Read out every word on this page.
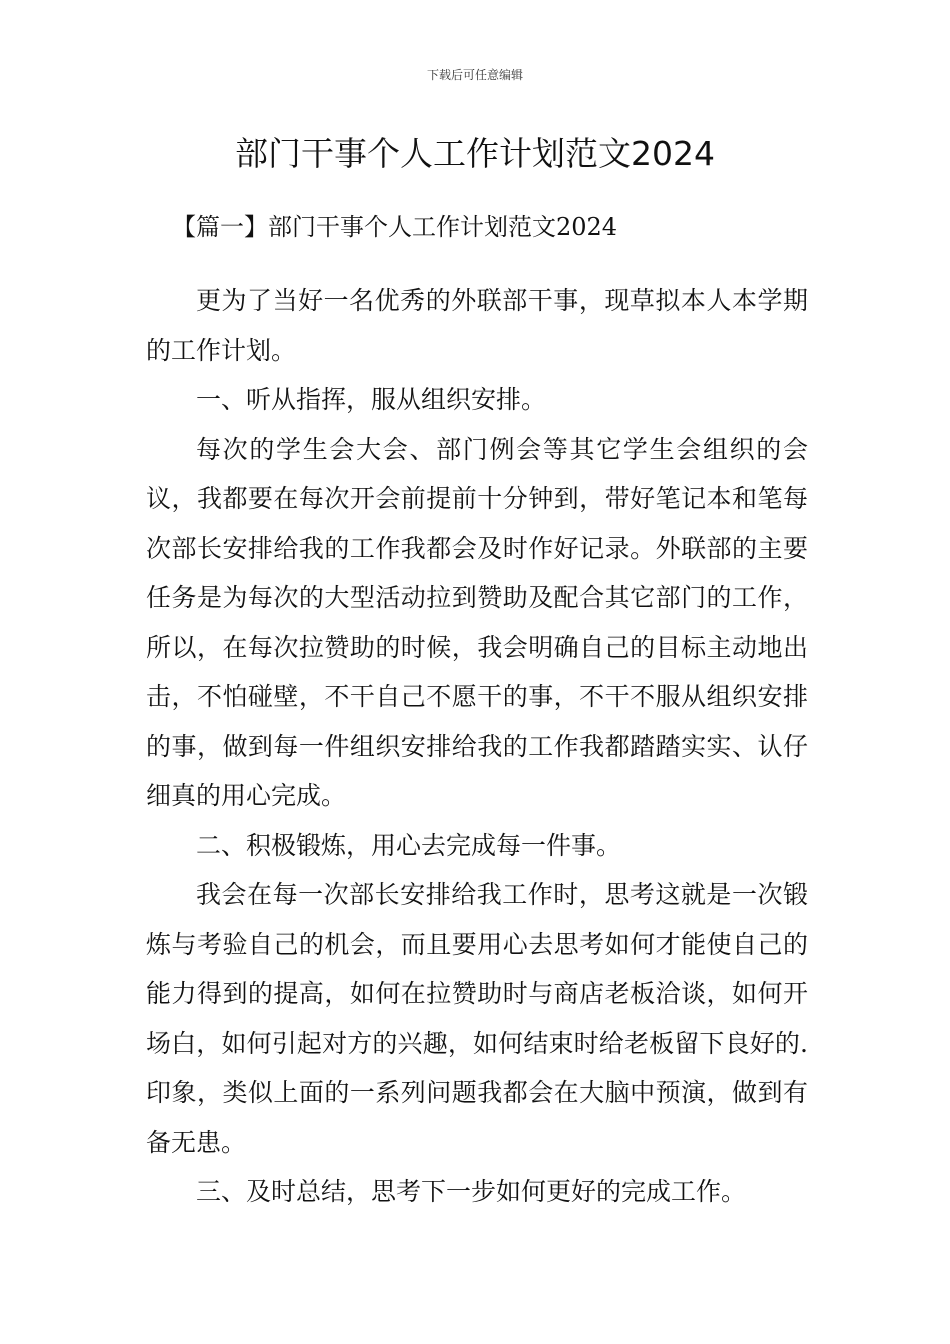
下载后可任意编辑
部门干事个人工作计划范文2024
【篇一】部门干事个人工作计划范文2024

更为了当好一名优秀的外联部干事，现草拟本人本学期的工作计划。

一、听从指挥，服从组织安排。

每次的学生会大会、部门例会等其它学生会组织的会议，我都要在每次开会前提前十分钟到，带好笔记本和笔每次部长安排给我的工作我都会及时作好记录。外联部的主要任务是为每次的大型活动拉到赞助及配合其它部门的工作，所以，在每次拉赞助的时候，我会明确自己的目标主动地出击，不怕碰壁，不干自己不愿干的事，不干不服从组织安排的事，做到每一件组织安排给我的工作我都踏踏实实、认仔细真的用心完成。

二、积极锻炼，用心去完成每一件事。

我会在每一次部长安排给我工作时，思考这就是一次锻炼与考验自己的机会，而且要用心去思考如何才能使自己的能力得到的提高，如何在拉赞助时与商店老板洽谈，如何开场白，如何引起对方的兴趣，如何结束时给老板留下良好的.印象，类似上面的一系列问题我都会在大脑中预演，做到有备无患。

三、及时总结，思考下一步如何更好的完成工作。
